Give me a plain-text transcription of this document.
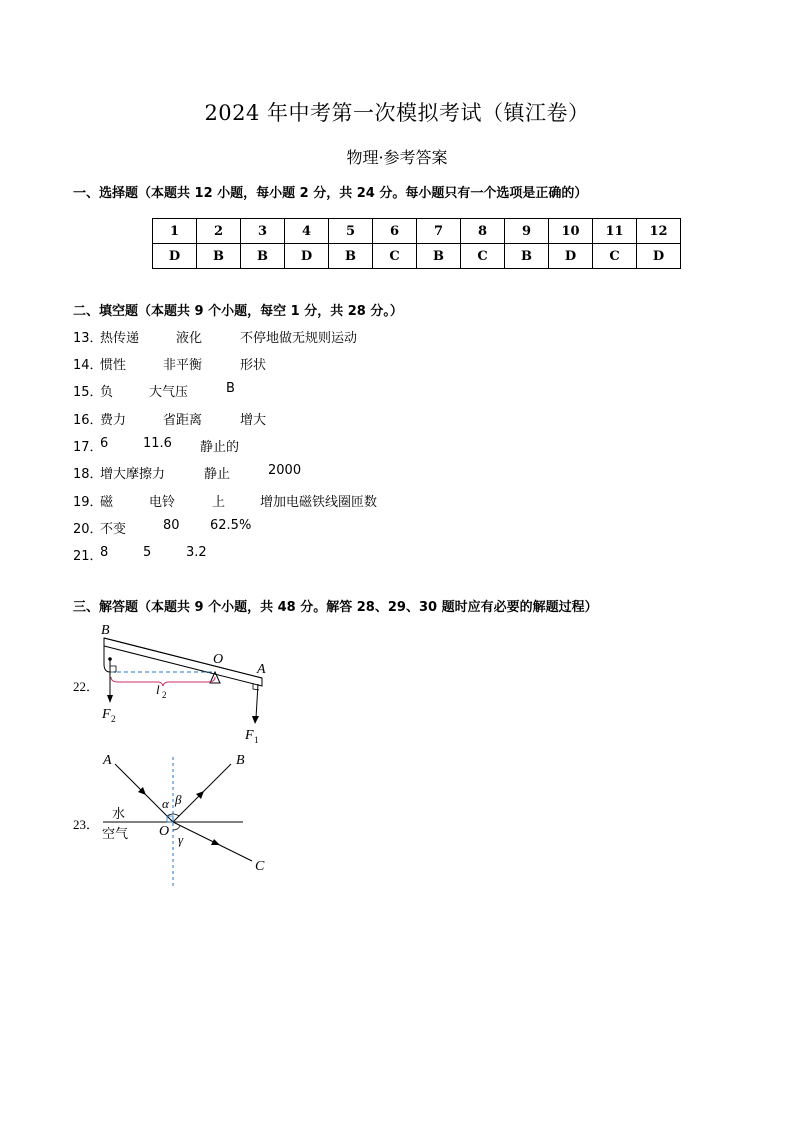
2024 年中考第一次模拟考试（镇江卷）
物理·参考答案
一、选择题（本题共 12 小题，每小题 2 分，共 24 分。每小题只有一个选项是正确的）
1	2	3	4	5	6	7	8	9	10	11	12
D	B	B	D	B	C	B	C	B	D	C	D
二、填空题（本题共 9 个小题，每空 1 分，共 28 分。）
13．
热传递	液化	不停地做无规则运动
14．
惯性	非平衡	形状
15．
负	大气压	B
16．
费力	省距离	增大
17．
6	11.6 静止的
18．
增大摩擦力	静止	2000
19．
磁	电铃	上	增加电磁铁线圈匝数
20．
不变	80 62.5%
21．
8	5	3.2
三、解答题（本题共 9 个小题，共 48 分。解答 28、29、30 题时应有必要的解题过程）
22．
B
O
A
l 2
F 2
F 1
A	B
C
O
α β
γ
水
空气
23．
